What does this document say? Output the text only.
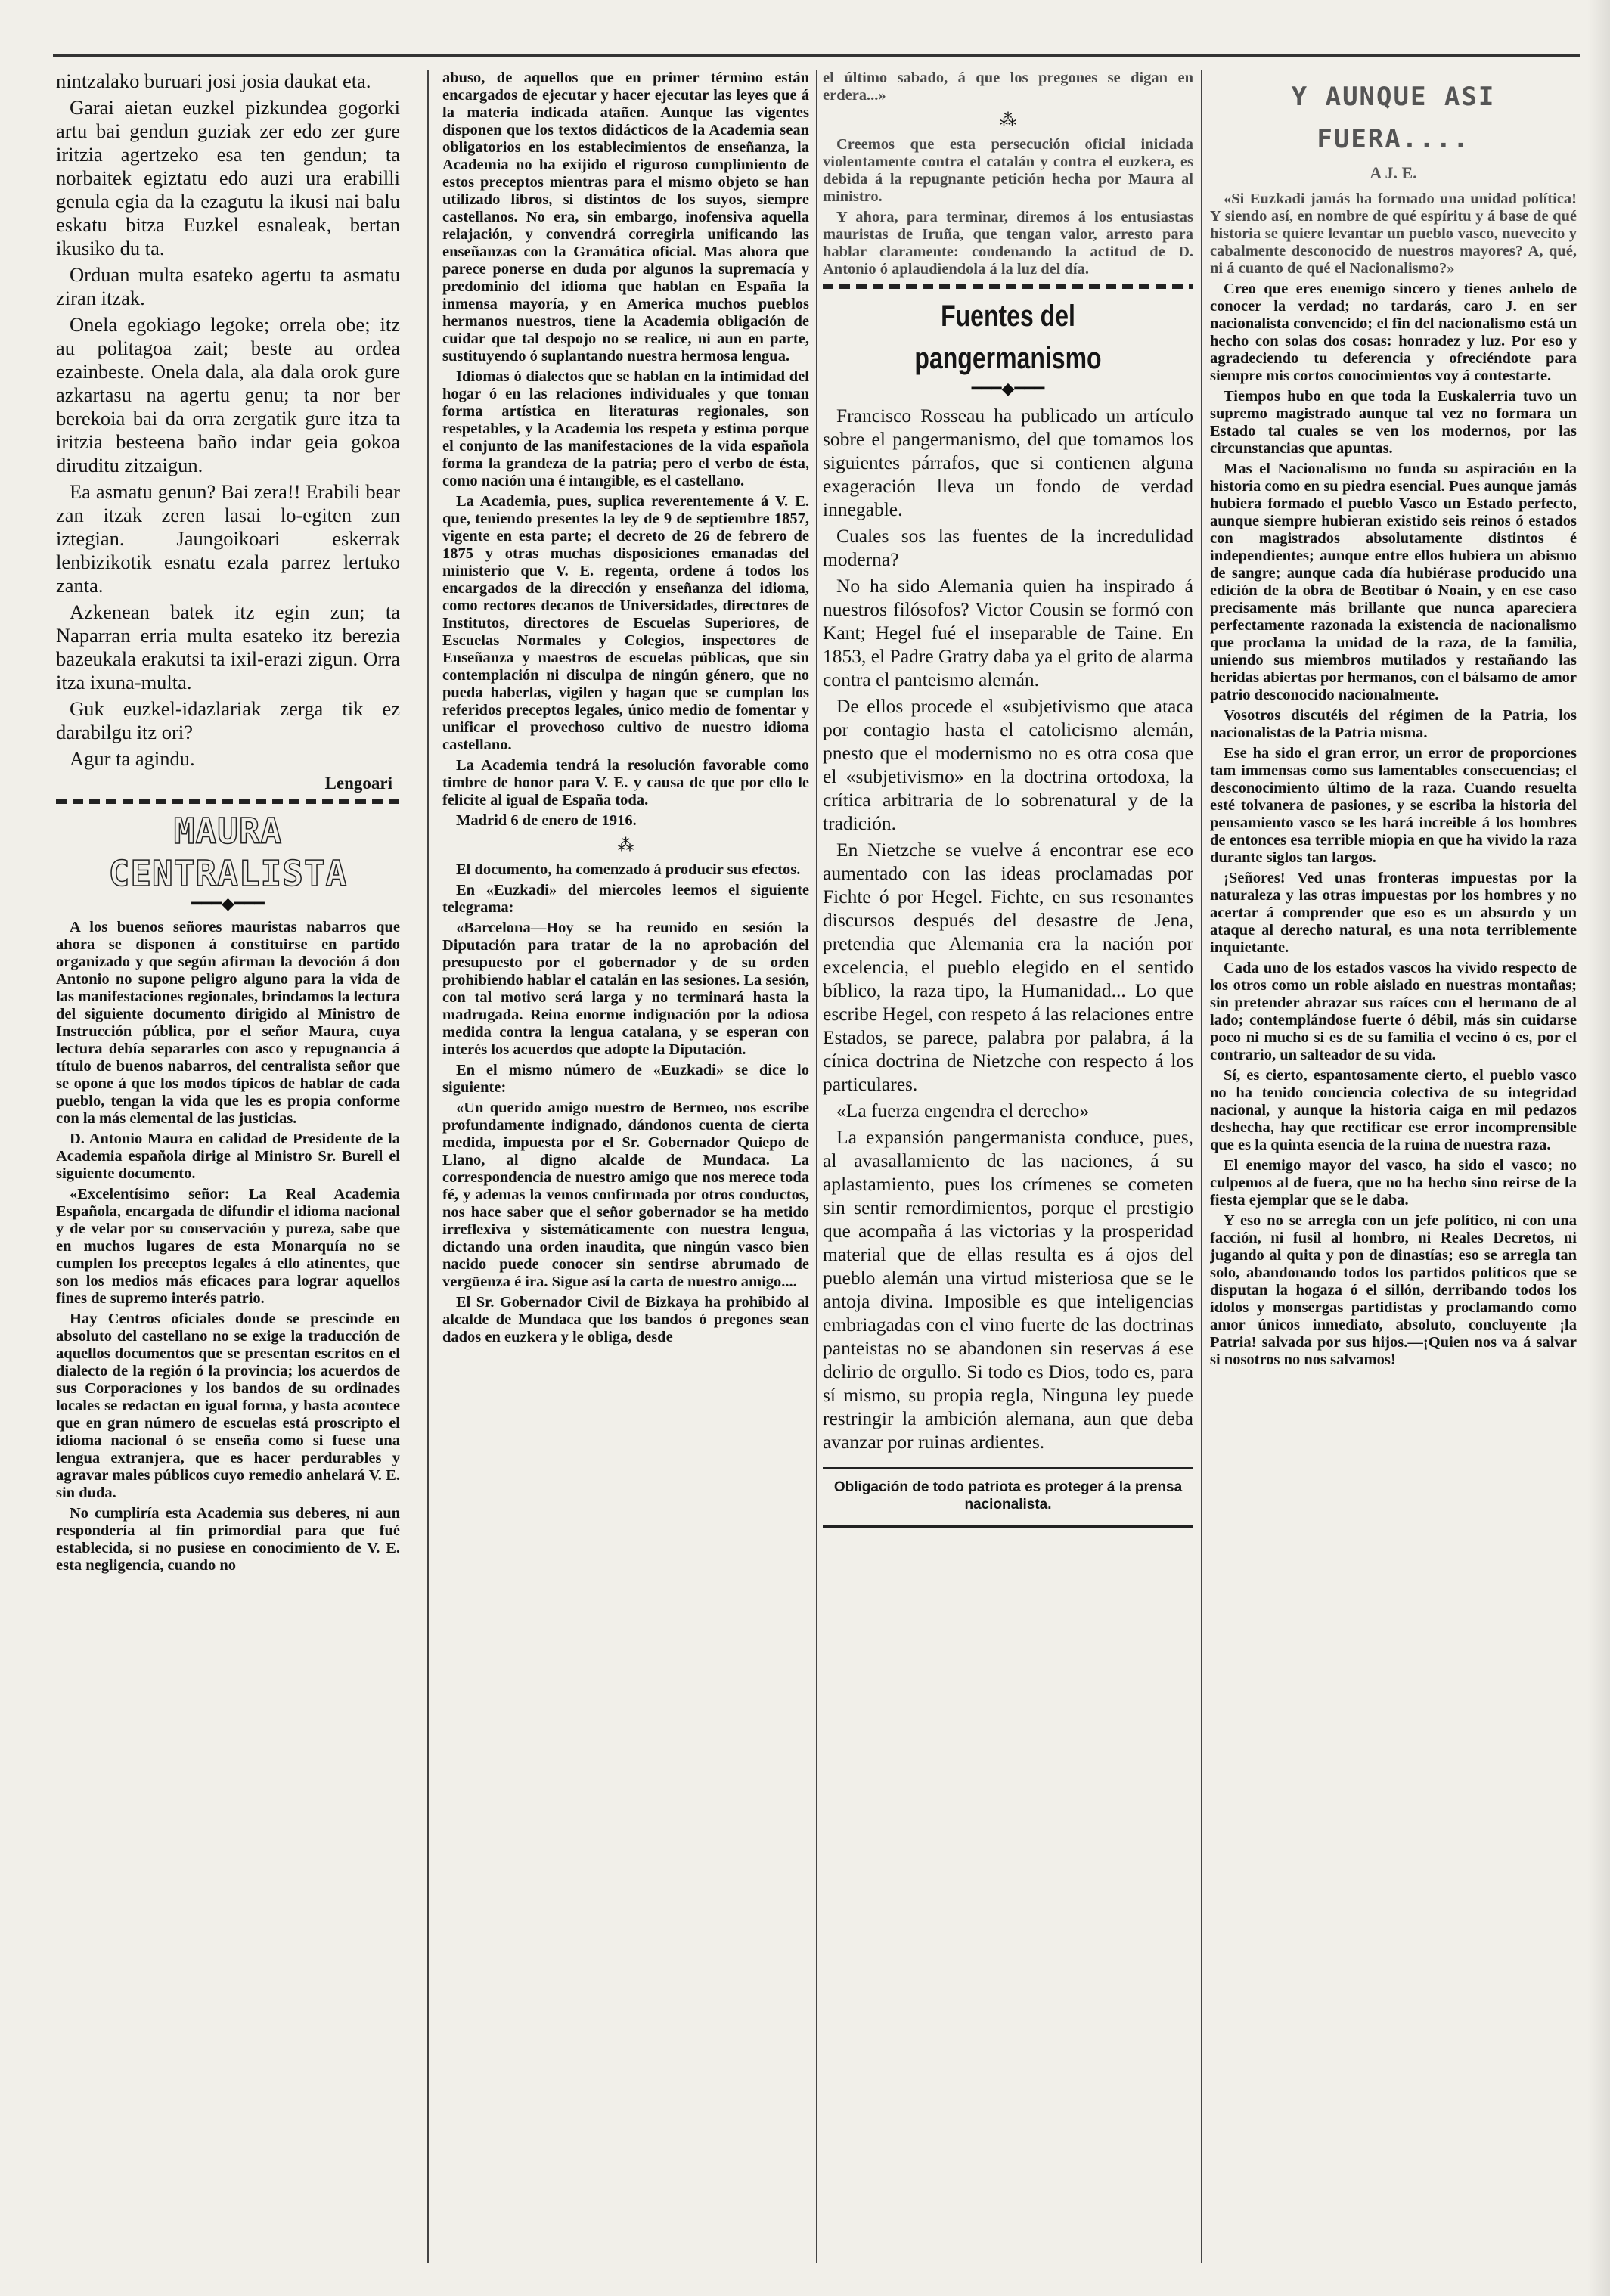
nintzalako buruari josi josia daukat eta.

Garai aietan euzkel pizkundea gogorki artu bai gendun guziak zer edo zer gure iritzia agertzeko esa ten gendun; ta norbaitek egiztatu edo auzi ura erabilli genula egia da la ezagutu la ikusi nai balu eskatu bitza Euzkel esnaleak, bertan ikusiko du ta.

Orduan multa esateko agertu ta asmatu ziran itzak.

Onela egokiago legoke; orrela obe; itz au politagoa zait; beste au ordea ezainbeste. Onela dala, ala dala orok gure azkartasu na agertu genu; ta nor ber berekoia bai da orra zergatik gure itza ta iritzia besteena baño indar geia gokoa diruditu zitzaigun.

Ea asmatu genun? Bai zera!! Erabili bear zan itzak zeren lasai lo-egiten zun iztegian. Jaungoikoari eskerrak lenbizikotik esnatu ezala parrez lertuko zanta.

Azkenean batek itz egin zun; ta Naparran erria multa esateko itz berezia bazeukala erakutsi ta ixil-erazi zigun. Orra itza ixuna-multa.

Guk euzkel-idazlariak zerga tik ez darabilgu itz ori?

Agur ta agindu.

Lengoari
MAURA CENTRALISTA
━━━◆━━━

A los buenos señores mauristas nabarros que ahora se disponen á constituirse en partido organizado y que según afirman la devoción á don Antonio no supone peligro alguno para la vida de las manifestaciones regionales, brindamos la lectura del siguiente documento dirigido al Ministro de Instrucción pública, por el señor Maura, cuya lectura debía separarles con asco y repugnancia á título de buenos nabarros, del centralista señor que se opone á que los modos típicos de hablar de cada pueblo, tengan la vida que les es propia conforme con la más elemental de las justicias.

D. Antonio Maura en calidad de Presidente de la Academia española dirige al Ministro Sr. Burell el siguiente documento.

«Excelentísimo señor: La Real Academia Española, encargada de difundir el idioma nacional y de velar por su conservación y pureza, sabe que en muchos lugares de esta Monarquía no se cumplen los preceptos legales á ello atinentes, que son los medios más eficaces para lograr aquellos fines de supremo interés patrio.

Hay Centros oficiales donde se prescinde en absoluto del castellano no se exige la traducción de aquellos documentos que se presentan escritos en el dialecto de la región ó la provincia; los acuerdos de sus Corporaciones y los bandos de su ordinades locales se redactan en igual forma, y hasta acontece que en gran número de escuelas está proscripto el idioma nacional ó se enseña como si fuese una lengua extranjera, que es hacer perdurables y agravar males públicos cuyo remedio anhelará V. E. sin duda.

No cumpliría esta Academia sus deberes, ni aun respondería al fin primordial para que fué establecida, si no pusiese en conocimiento de V. E. esta negligencia, cuando no

abuso, de aquellos que en primer término están encargados de ejecutar y hacer ejecutar las leyes que á la materia indicada atañen. Aunque las vigentes disponen que los textos didácticos de la Academia sean obligatorios en los establecimientos de enseñanza, la Academia no ha exijido el riguroso cumplimiento de estos preceptos mientras para el mismo objeto se han utilizado libros, si distintos de los suyos, siempre castellanos. No era, sin embargo, inofensiva aquella relajación, y convendrá corregirla unificando las enseñanzas con la Gramática oficial. Mas ahora que parece ponerse en duda por algunos la supremacía y predominio del idioma que hablan en España la inmensa mayoría, y en America muchos pueblos hermanos nuestros, tiene la Academia obligación de cuidar que tal despojo no se realice, ni aun en parte, sustituyendo ó suplantando nuestra hermosa lengua.

Idiomas ó dialectos que se hablan en la intimidad del hogar ó en las relaciones individuales y que toman forma artística en literaturas regionales, son respetables, y la Academia los respeta y estima porque el conjunto de las manifestaciones de la vida española forma la grandeza de la patria; pero el verbo de ésta, como nación una é intangible, es el castellano.

La Academia, pues, suplica reverentemente á V. E. que, teniendo presentes la ley de 9 de septiembre 1857, vigente en esta parte; el decreto de 26 de febrero de 1875 y otras muchas disposiciones emanadas del ministerio que V. E. regenta, ordene á todos los encargados de la dirección y enseñanza del idioma, como rectores decanos de Universidades, directores de Institutos, directores de Escuelas Superiores, de Escuelas Normales y Colegios, inspectores de Enseñanza y maestros de escuelas públicas, que sin contemplación ni disculpa de ningún género, que no pueda haberlas, vigilen y hagan que se cumplan los referidos preceptos legales, único medio de fomentar y unificar el provechoso cultivo de nuestro idioma castellano.

La Academia tendrá la resolución favorable como timbre de honor para V. E. y causa de que por ello le felicite al igual de España toda.

Madrid 6 de enero de 1916.

⁂

El documento, ha comenzado á producir sus efectos.

En «Euzkadi» del miercoles leemos el siguiente telegrama:

«Barcelona—Hoy se ha reunido en sesión la Diputación para tratar de la no aprobación del presupuesto por el gobernador y de su orden prohibiendo hablar el catalán en las sesiones. La sesión, con tal motivo será larga y no terminará hasta la madrugada. Reina enorme indignación por la odiosa medida contra la lengua catalana, y se esperan con interés los acuerdos que adopte la Diputación.

En el mismo número de «Euzkadi» se dice lo siguiente:

«Un querido amigo nuestro de Bermeo, nos escribe profundamente indignado, dándonos cuenta de cierta medida, impuesta por el Sr. Gobernador Quiepo de Llano, al digno alcalde de Mundaca. La correspondencia de nuestro amigo que nos merece toda fé, y ademas la vemos confirmada por otros conductos, nos hace saber que el señor gobernador se ha metido irreflexiva y sistemáticamente con nuestra lengua, dictando una orden inaudita, que ningún vasco bien nacido puede conocer sin sentirse abrumado de vergüenza é ira. Sigue así la carta de nuestro amigo....

El Sr. Gobernador Civil de Bizkaya ha prohibido al alcalde de Mundaca que los bandos ó pregones sean dados en euzkera y le obliga, desde

el último sabado, á que los pregones se digan en erdera...»

⁂

Creemos que esta persecución oficial iniciada violentamente contra el catalán y contra el euzkera, es debida á la repugnante petición hecha por Maura al ministro.

Y ahora, para terminar, diremos á los entusiastas mauristas de Iruña, que tengan valor, arresto para hablar claramente: condenando la actitud de D. Antonio ó aplaudiendola á la luz del día.

Fuentes del pangermanismo
━━━◆━━━

Francisco Rosseau ha publicado un artículo sobre el pangermanismo, del que tomamos los siguientes párrafos, que si contienen alguna exageración lleva un fondo de verdad innegable.

Cuales sos las fuentes de la incredulidad moderna?

No ha sido Alemania quien ha inspirado á nuestros filósofos? Victor Cousin se formó con Kant; Hegel fué el inseparable de Taine. En 1853, el Padre Gratry daba ya el grito de alarma contra el panteismo alemán.

De ellos procede el «subjetivismo que ataca por contagio hasta el catolicismo alemán, pnesto que el modernismo no es otra cosa que el «subjetivismo» en la doctrina ortodoxa, la crítica arbitraria de lo sobrenatural y de la tradición.

En Nietzche se vuelve á encontrar ese eco aumentado con las ideas proclamadas por Fichte ó por Hegel. Fichte, en sus resonantes discursos después del desastre de Jena, pretendia que Alemania era la nación por excelencia, el pueblo elegido en el sentido bíblico, la raza tipo, la Humanidad... Lo que escribe Hegel, con respeto á las relaciones entre Estados, se parece, palabra por palabra, á la cínica doctrina de Nietzche con respecto á los particulares.

«La fuerza engendra el derecho»

La expansión pangermanista conduce, pues, al avasallamiento de las naciones, á su aplastamiento, pues los crímenes se cometen sin sentir remordimientos, porque el prestigio que acompaña á las victorias y la prosperidad material que de ellas resulta es á ojos del pueblo alemán una virtud misteriosa que se le antoja divina. Imposible es que inteligencias embriagadas con el vino fuerte de las doctrinas panteistas no se abandonen sin reservas á ese delirio de orgullo. Si todo es Dios, todo es, para sí mismo, su propia regla, Ninguna ley puede restringir la ambición alemana, aun que deba avanzar por ruinas ardientes.

Obligación de todo patriota es proteger á la prensa nacionalista.

Y AUNQUE ASI FUERA....
A J. E.

«Si Euzkadi jamás ha formado una unidad política! Y siendo así, en nombre de qué espíritu y á base de qué historia se quiere levantar un pueblo vasco, nuevecito y cabalmente desconocido de nuestros mayores? A, qué, ni á cuanto de qué el Nacionalismo?»

Creo que eres enemigo sincero y tienes anhelo de conocer la verdad; no tardarás, caro J. en ser nacionalista convencido; el fin del nacionalismo está un hecho con solas dos cosas: honradez y luz. Por eso y agradeciendo tu deferencia y ofreciéndote para siempre mis cortos conocimientos voy á contestarte.

Tiempos hubo en que toda la Euskalerria tuvo un supremo magistrado aunque tal vez no formara un Estado tal cuales se ven los modernos, por las circunstancias que apuntas.

Mas el Nacionalismo no funda su aspiración en la historia como en su piedra esencial. Pues aunque jamás hubiera formado el pueblo Vasco un Estado perfecto, aunque siempre hubieran existido seis reinos ó estados con magistrados absolutamente distintos é independientes; aunque entre ellos hubiera un abismo de sangre; aunque cada día hubiérase producido una edición de la obra de Beotibar ó Noain, y en ese caso precisamente más brillante que nunca apareciera perfectamente razonada la existencia de nacionalismo que proclama la unidad de la raza, de la familia, uniendo sus miembros mutilados y restañando las heridas abiertas por hermanos, con el bálsamo de amor patrio desconocido nacionalmente.

Vosotros discutéis del régimen de la Patria, los nacionalistas de la Patria misma.

Ese ha sido el gran error, un error de proporciones tam immensas como sus lamentables consecuencias; el desconocimiento último de la raza. Cuando resuelta esté tolvanera de pasiones, y se escriba la historia del pensamiento vasco se les hará increible á los hombres de entonces esa terrible miopia en que ha vivido la raza durante siglos tan largos.

¡Señores! Ved unas fronteras impuestas por la naturaleza y las otras impuestas por los hombres y no acertar á comprender que eso es un absurdo y un ataque al derecho natural, es una nota terriblemente inquietante.

Cada uno de los estados vascos ha vivido respecto de los otros como un roble aislado en nuestras montañas; sin pretender abrazar sus raíces con el hermano de al lado; contemplándose fuerte ó débil, más sin cuidarse poco ni mucho si es de su familia el vecino ó es, por el contrario, un salteador de su vida.

Sí, es cierto, espantosamente cierto, el pueblo vasco no ha tenido conciencia colectiva de su integridad nacional, y aunque la historia caiga en mil pedazos deshecha, hay que rectificar ese error incomprensible que es la quinta esencia de la ruina de nuestra raza.

El enemigo mayor del vasco, ha sido el vasco; no culpemos al de fuera, que no ha hecho sino reirse de la fiesta ejemplar que se le daba.

Y eso no se arregla con un jefe político, ni con una facción, ni fusil al hombro, ni Reales Decretos, ni jugando al quita y pon de dinastías; eso se arregla tan solo, abandonando todos los partidos políticos que se disputan la hogaza ó el sillón, derribando todos los ídolos y monsergas partidistas y proclamando como amor únicos inmediato, absoluto, concluyente ¡la Patria! salvada por sus hijos.—¡Quien nos va á salvar si nosotros no nos salvamos!
